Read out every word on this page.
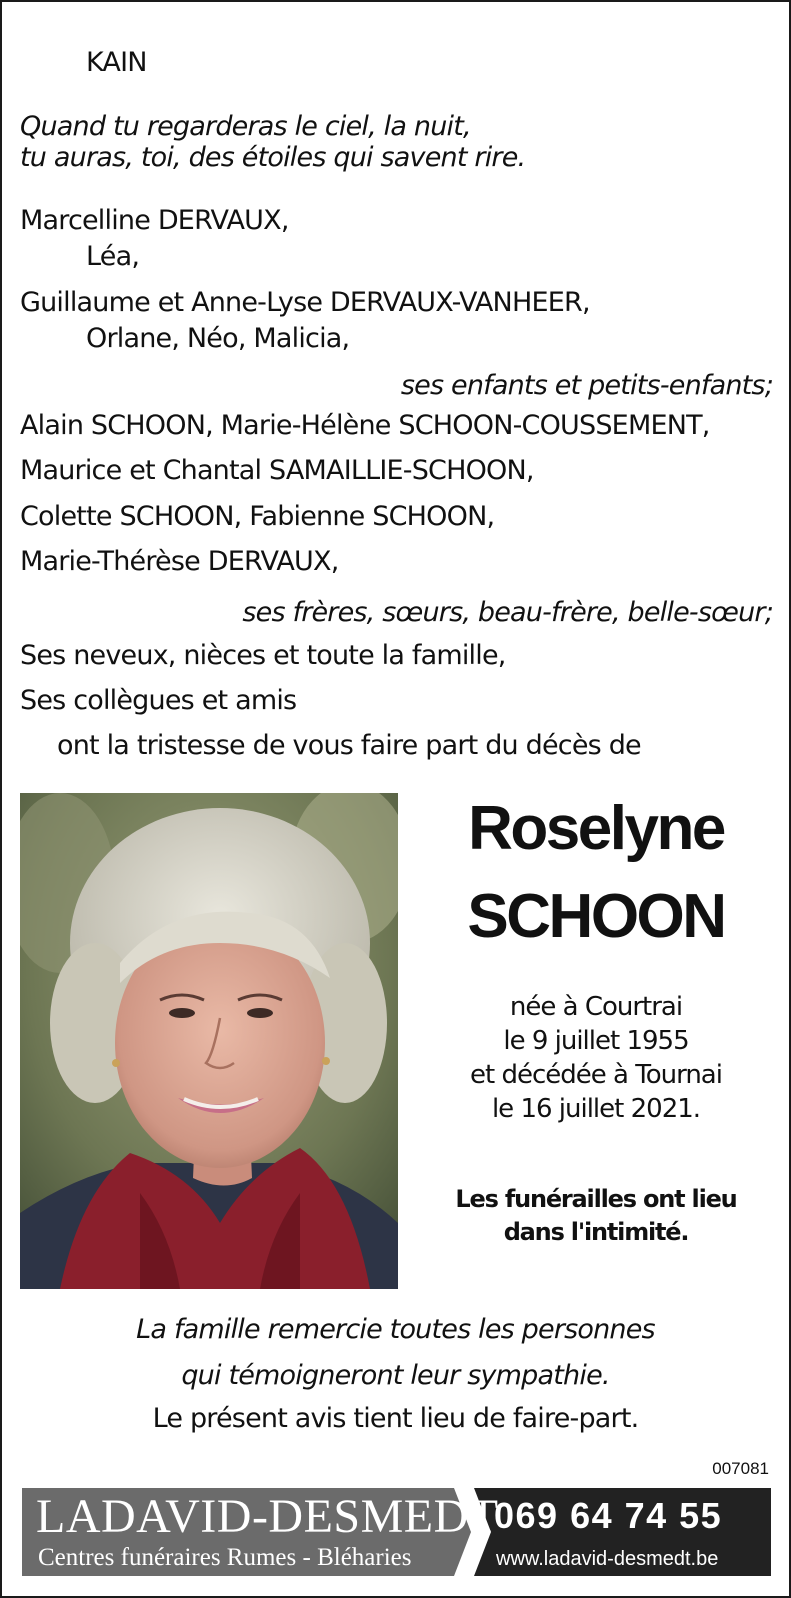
KAIN
Quand tu regarderas le ciel, la nuit,
tu auras, toi, des étoiles qui savent rire.
Marcelline DERVAUX,
Léa,
Guillaume et Anne-Lyse DERVAUX-VANHEER,
Orlane, Néo, Malicia,
ses enfants et petits-enfants;
Alain SCHOON, Marie-Hélène SCHOON-COUSSEMENT,
Maurice et Chantal SAMAILLIE-SCHOON,
Colette SCHOON, Fabienne SCHOON,
Marie-Thérèse DERVAUX,
ses frères, sœurs, beau-frère, belle-sœur;
Ses neveux, nièces et toute la famille,
Ses collègues et amis
ont la tristesse de vous faire part du décès de
Roselyne
SCHOON
née à Courtrai
le 9 juillet 1955
et décédée à Tournai
le 16 juillet 2021.
Les funérailles ont lieu
dans l'intimité.
La famille remercie toutes les personnes
qui témoigneront leur sympathie.
Le présent avis tient lieu de faire-part.
007081
LADAVID-DESMEDT
Centres funéraires Rumes - Bléharies
069 64 74 55
www.ladavid-desmedt.be
